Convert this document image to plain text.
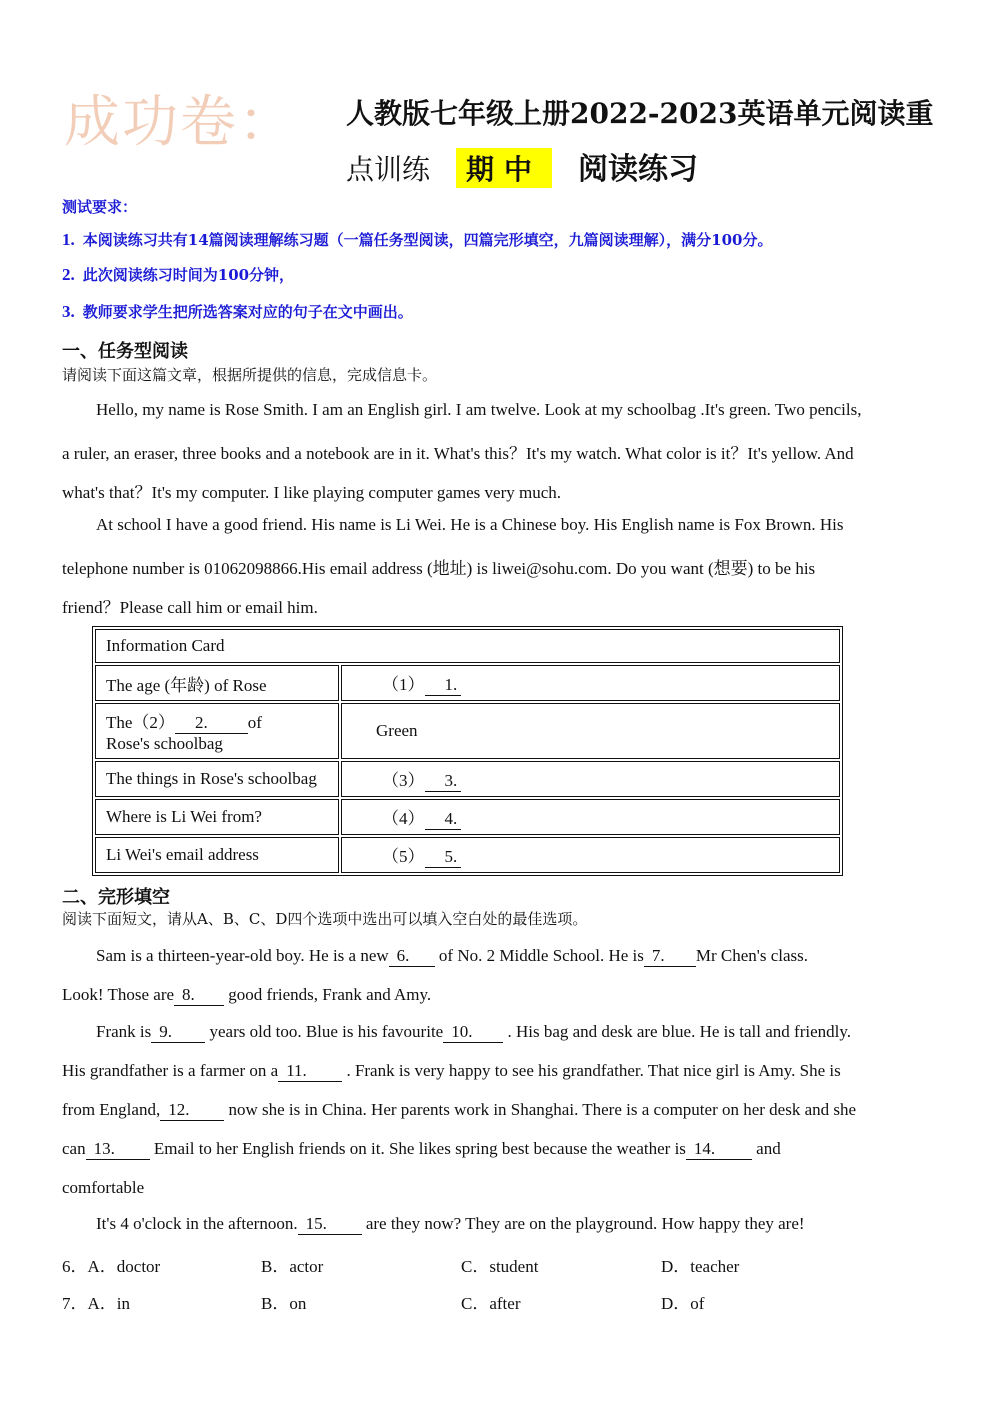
成功卷： 人教版七年级上册2022-2023英语单元阅读重
点训练 期中 阅读练习
测试要求：
1. 本阅读练习共有14篇阅读理解练习题（一篇任务型阅读，四篇完形填空，九篇阅读理解），满分100分。
2. 此次阅读练习时间为100分钟，
3. 教师要求学生把所选答案对应的句子在文中画出。
一、任务型阅读
请阅读下面这篇文章，根据所提供的信息，完成信息卡。
Hello, my name is Rose Smith. I am an English girl. I am twelve. Look at my schoolbag .It's green. Two pencils,
a ruler, an eraser, three books and a notebook are in it. What's this？It's my watch. What color is it？It's yellow. And
what's that？It's my computer. I like playing computer games very much.
At school I have a good friend. His name is Li Wei. He is a Chinese boy. His English name is Fox Brown. His
telephone number is 01062098866.His email address (地址) is liwei@sohu.com. Do you want (想要) to be his
friend？Please call him or email him.
Information Card	
The age (年龄) of Rose	（1） 1.
The（2） 2. of
Rose's schoolbag	Green
The things in Rose's schoolbag	（3） 3.
Where is Li Wei from?	（4） 4.
Li Wei's email address	（5） 5.
二、完形填空
阅读下面短文，请从A、B、C、D四个选项中选出可以填入空白处的最佳选项。
Sam is a thirteen-year-old boy. He is a new 6. of No. 2 Middle School. He is 7. Mr Chen's class.
Look! Those are 8. good friends, Frank and Amy.
Frank is 9. years old too. Blue is his favourite 10. . His bag and desk are blue. He is tall and friendly.
His grandfather is a farmer on a 11. . Frank is very happy to see his grandfather. That nice girl is Amy. She is
from England, 12. now she is in China. Her parents work in Shanghai. There is a computer on her desk and she
can 13. Email to her English friends on it. She likes spring best because the weather is 14. and
comfortable
It's 4 o'clock in the afternoon. 15. are they now? They are on the playground. How happy they are!
6．A．doctor	B．actor	C．student	D．teacher
7．A．in	B．on	C．after	D．of
